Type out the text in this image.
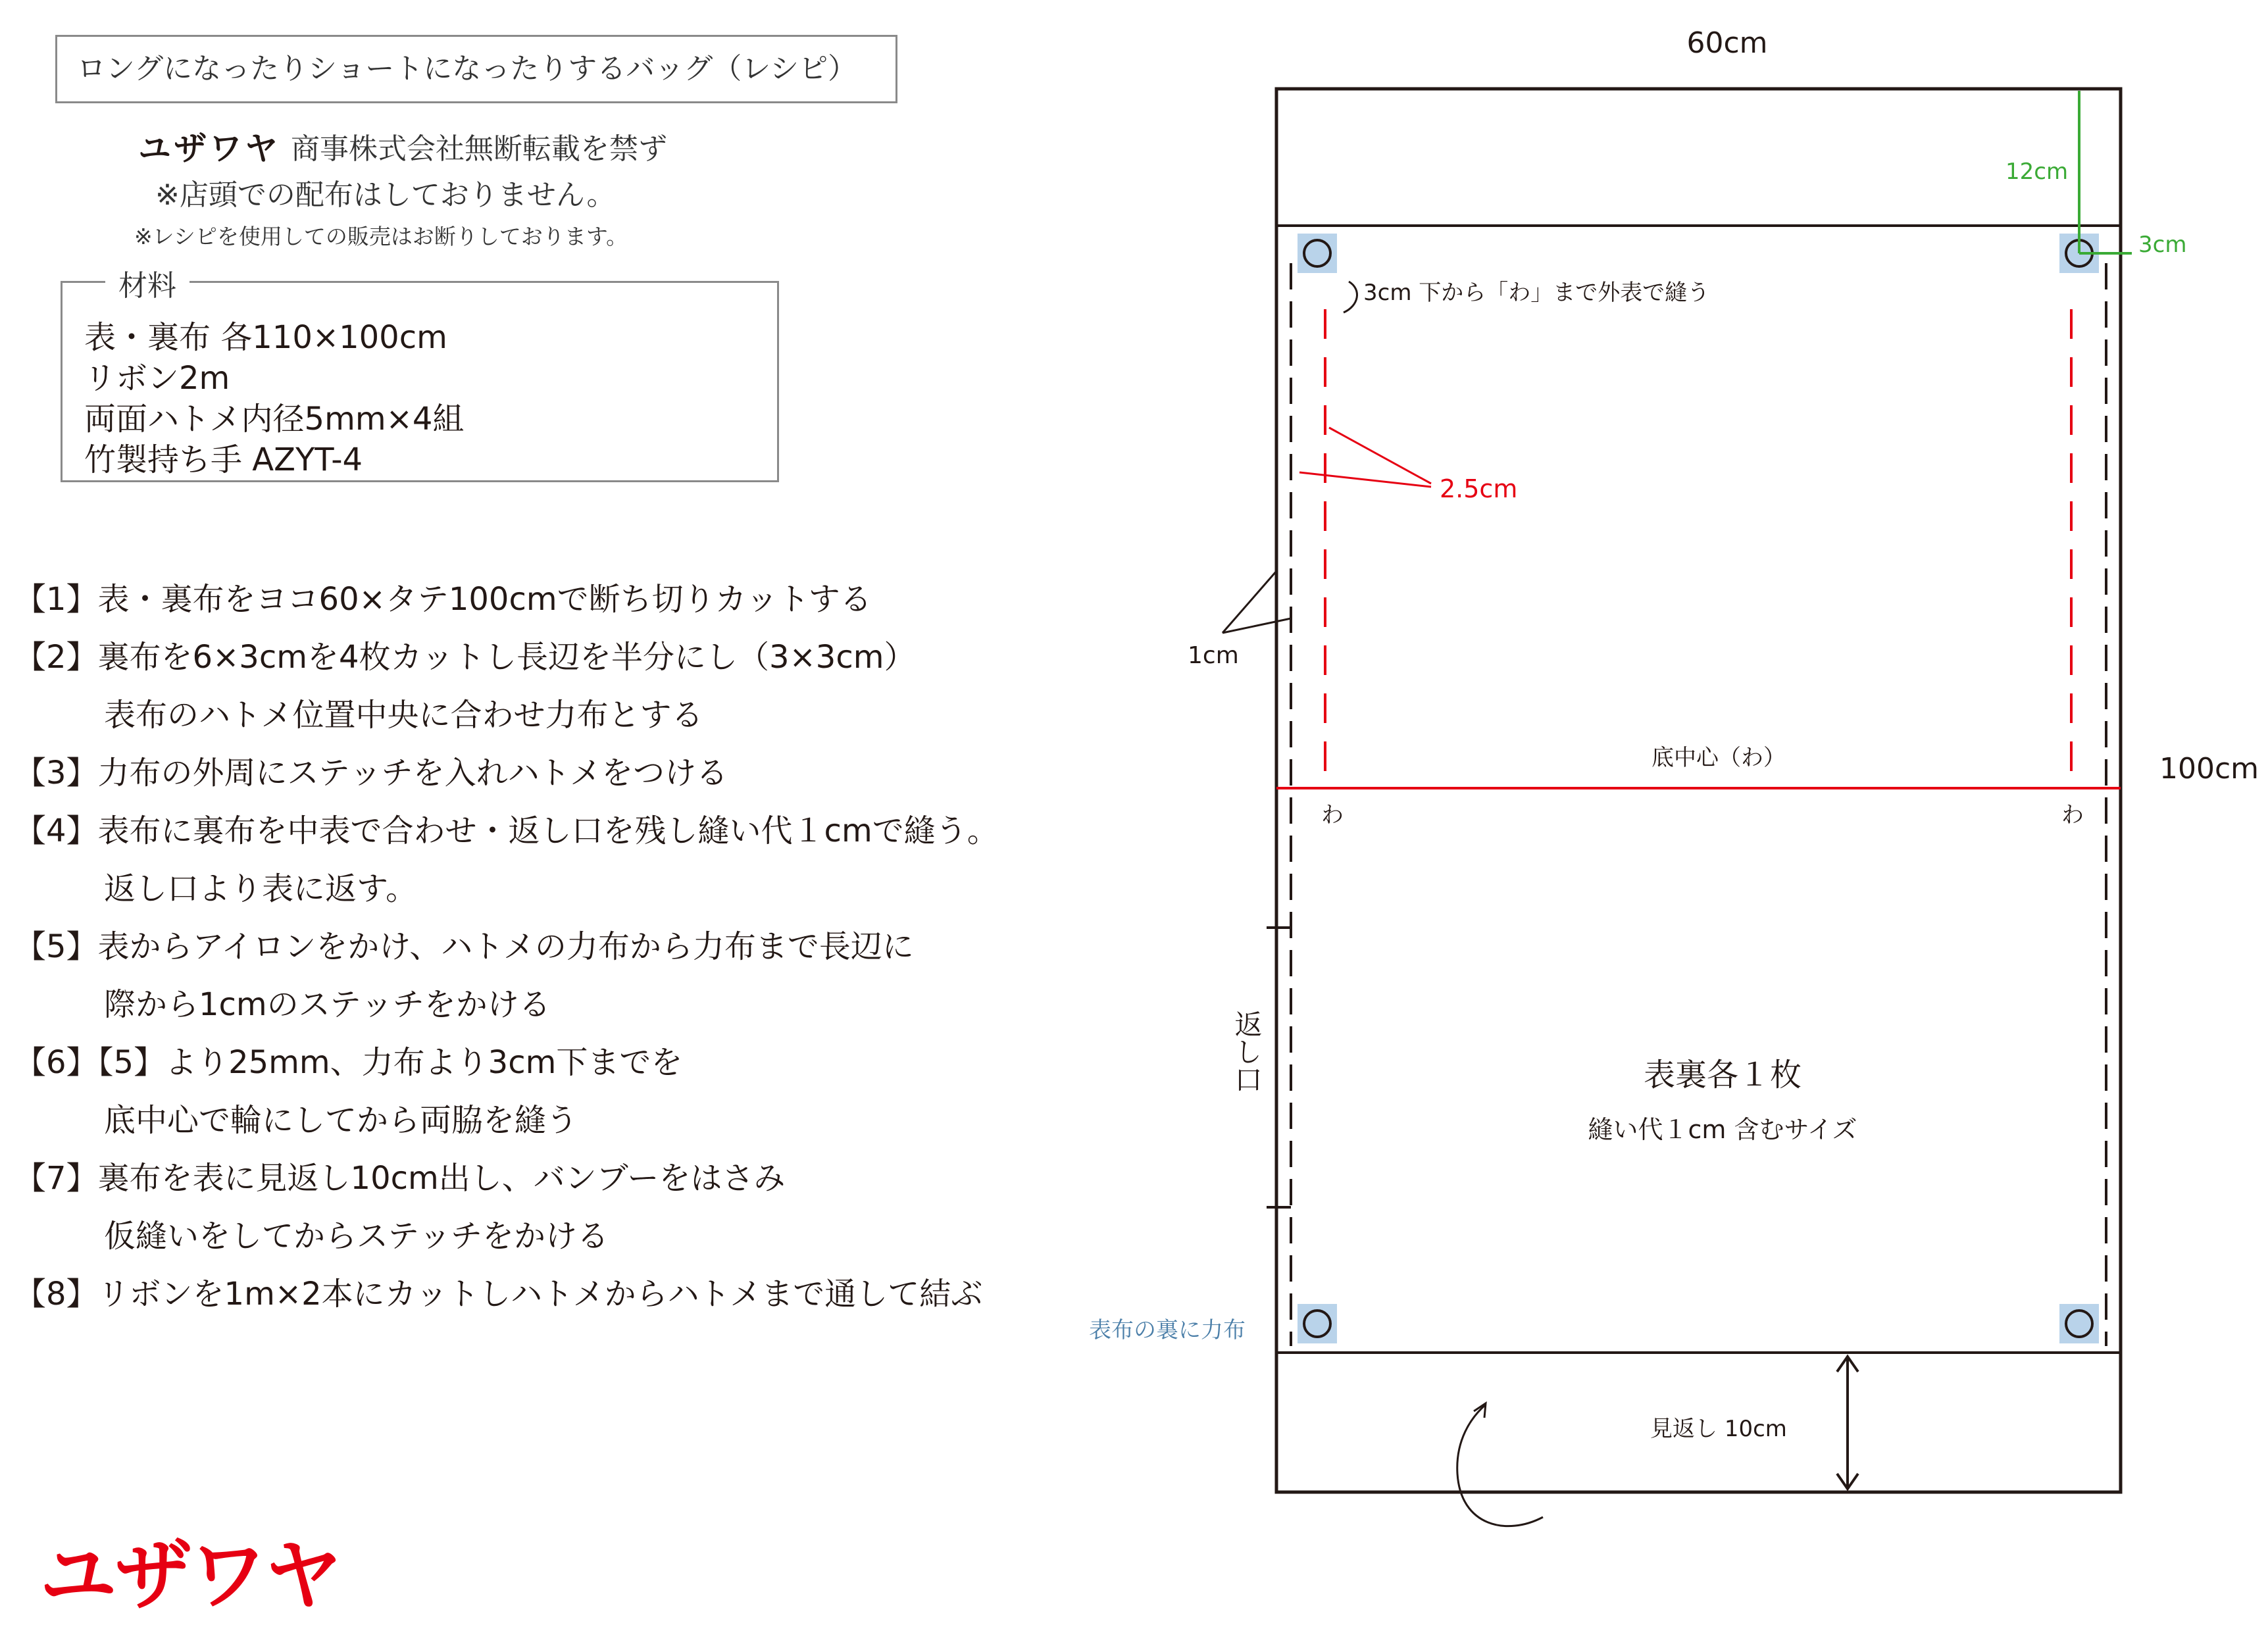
ロングになったりショートになったりするバッグ（レシピ）
ユザワヤ 商事株式会社無断転載を禁ず
※店頭での配布はしておりません。
※レシピを使用しての販売はお断りしております。
材料
表・裏布 各110×100cm
リボン2m
両面ハトメ内径5mm×4組
竹製持ち手 AZYT-4
【1】表・裏布をヨコ60×タテ100cmで断ち切りカットする
【2】裏布を6×3cmを4枚カットし長辺を半分にし（3×3cm）
表布のハトメ位置中央に合わせ力布とする
【3】力布の外周にステッチを入れハトメをつける
【4】表布に裏布を中表で合わせ・返し口を残し縫い代１cmで縫う。
返し口より表に返す。
【5】表からアイロンをかけ、ハトメの力布から力布まで長辺に
際から1cmのステッチをかける
【6】【5】より25mm、力布より3cm下までを
底中心で輪にしてから両脇を縫う
【7】裏布を表に見返し10cm出し、バンブーをはさみ
仮縫いをしてからステッチをかける
【8】リボンを1m×2本にカットしハトメからハトメまで通して結ぶ
ユザワヤ
60cm
100cm
12cm
3cm
3cm 下から「わ」まで外表で縫う
2.5cm
1cm
底中心（わ）
わ	わ
表裏各１枚
縫い代１cm 含むサイズ
表布の裏に力布
見返し 10cm
返し口
